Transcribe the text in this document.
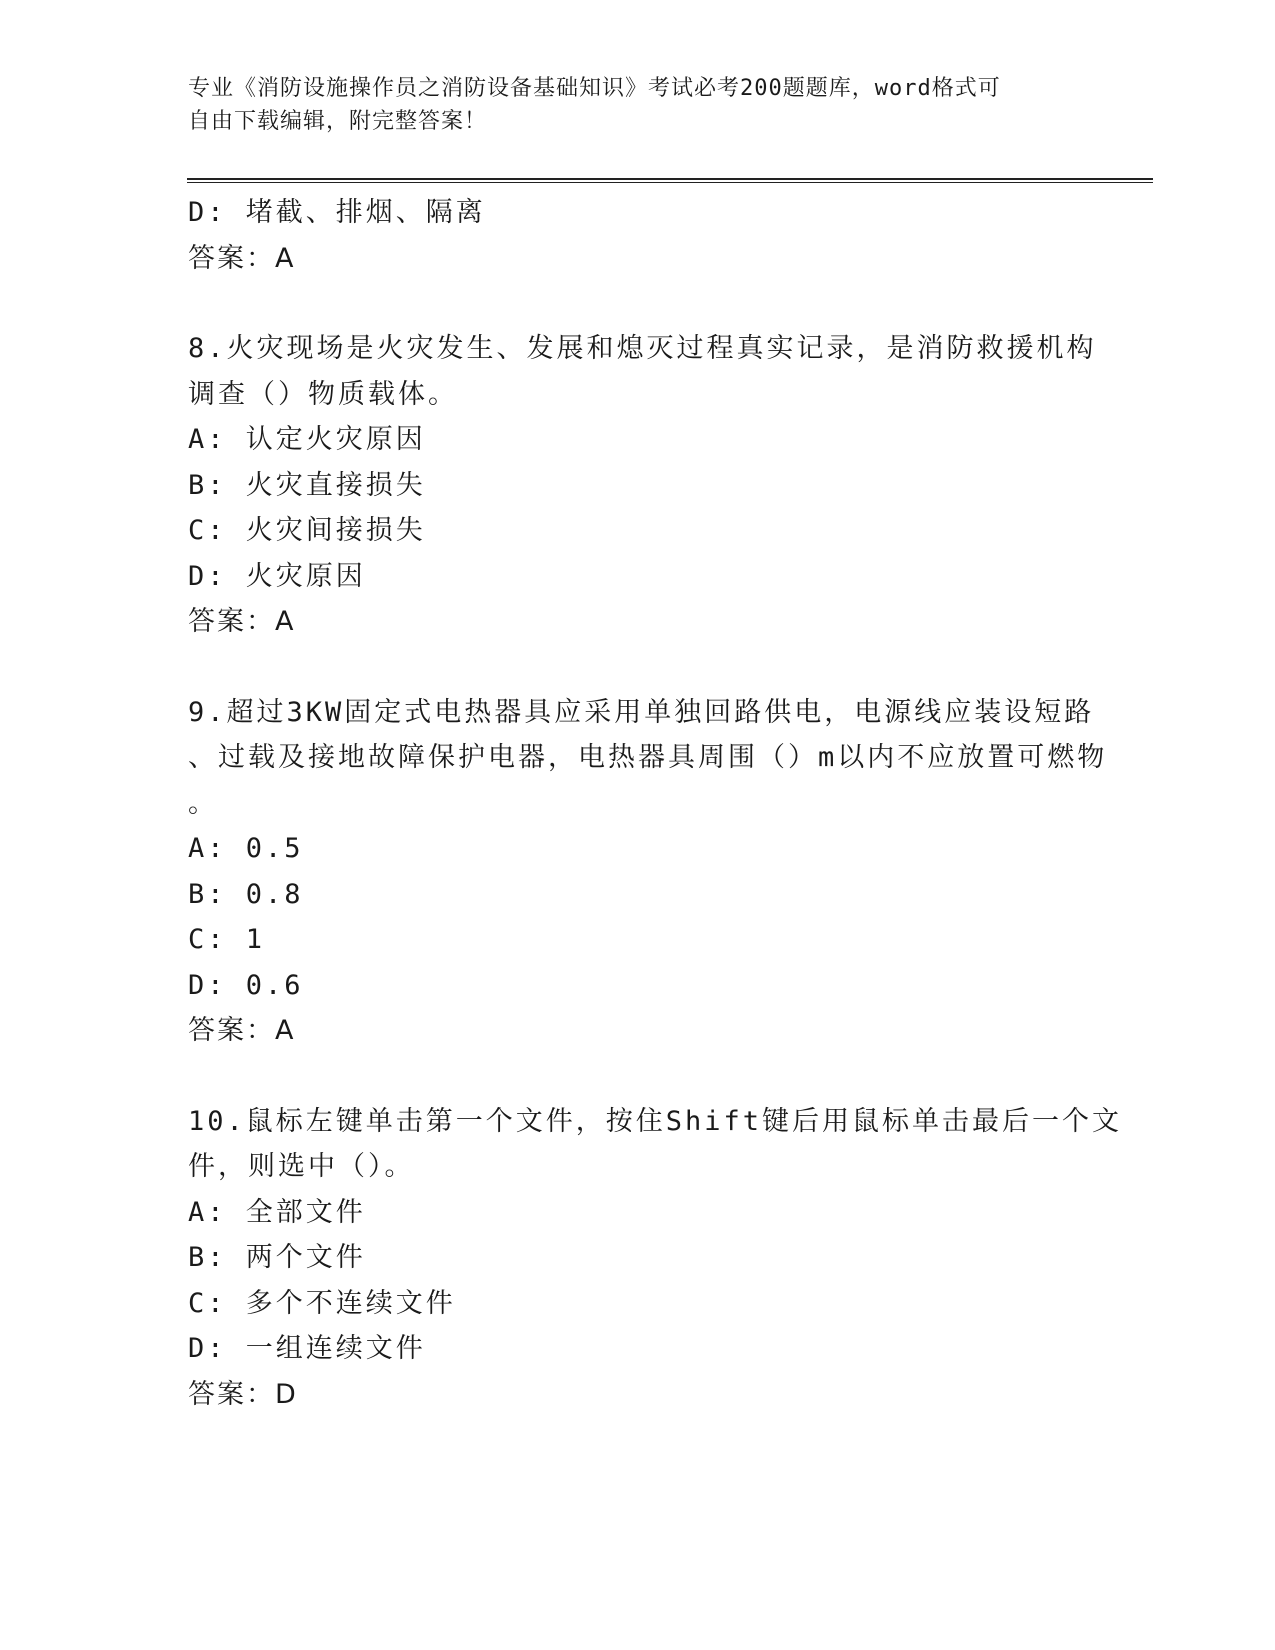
专业《消防设施操作员之消防设备基础知识》考试必考200题题库，word格式可
自由下载编辑，附完整答案！
D: 堵截、排烟、隔离
答案：A
8.火灾现场是火灾发生、发展和熄灭过程真实记录，是消防救援机构
调查（）物质载体。
A: 认定火灾原因
B: 火灾直接损失
C: 火灾间接损失
D: 火灾原因
答案：A
9.超过3KW固定式电热器具应采用单独回路供电，电源线应装设短路
、过载及接地故障保护电器，电热器具周围（）m以内不应放置可燃物
。
A: 0.5
B: 0.8
C: 1
D: 0.6
答案：A
10.鼠标左键单击第一个文件，按住Shift键后用鼠标单击最后一个文
件，则选中（）。
A: 全部文件
B: 两个文件
C: 多个不连续文件
D: 一组连续文件
答案：D
